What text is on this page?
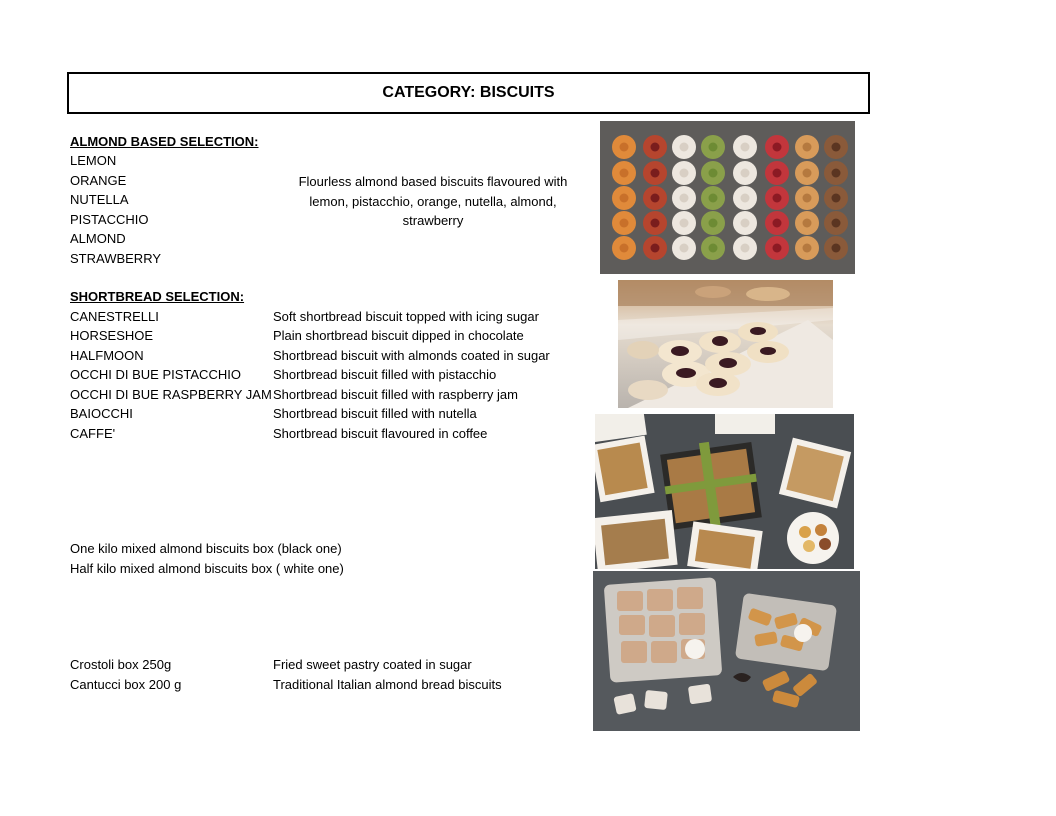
CATEGORY: BISCUITS
ALMOND BASED SELECTION:
LEMON
ORANGE
NUTELLA
PISTACCHIO
ALMOND
STRAWBERRY
Flourless almond based biscuits flavoured with lemon, pistacchio, orange, nutella, almond, strawberry
SHORTBREAD SELECTION:
CANESTRELLI	Soft shortbread biscuit topped with icing sugar
HORSESHOE	Plain shortbread biscuit dipped in chocolate
HALFMOON	Shortbread biscuit with almonds coated in sugar
OCCHI DI BUE PISTACCHIO Shortbread biscuit filled with pistacchio
OCCHI DI BUE RASPBERRY JAM Shortbread biscuit filled with raspberry jam
BAIOCCHI	Shortbread biscuit filled with nutella
CAFFE'	Shortbread biscuit flavoured in coffee
One kilo mixed almond biscuits box (black one)
Half kilo mixed almond biscuits box ( white one)
Crostoli box 250g	Fried sweet pastry coated in sugar
Cantucci box 200 g	Traditional Italian almond bread biscuits
